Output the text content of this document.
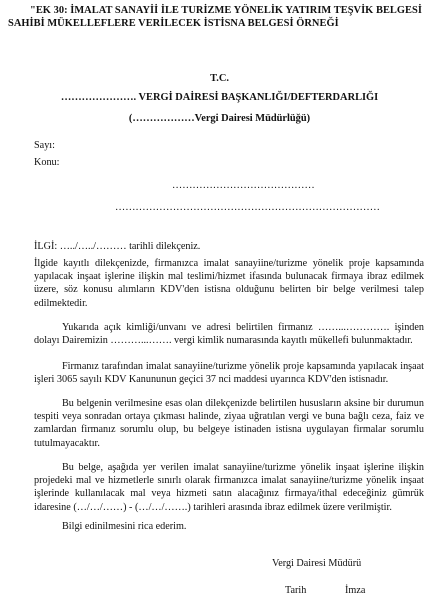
"EK 30: İMALAT SANAYİİ İLE TURİZME YÖNELİK YATIRIM TEŞVİK BELGESİ
SAHİBİ MÜKELLEFLERE VERİLECEK İSTİSNA BELGESİ ÖRNEĞİ
T.C.
…………………. VERGİ DAİRESİ BAŞKANLIĞI/DEFTERDARLIĞI
(………………Vergi Dairesi Müdürlüğü)
Sayı:
Konu:
……………………………………
……………………………………………………………………
İLGİ: …../…../……… tarihli dilekçeniz.
İlgide kayıtlı dilekçenizde, firmanızca imalat sanayiine/turizme yönelik proje kapsamında yapılacak inşaat işlerine ilişkin mal teslimi/hizmet ifasında bulunacak firmaya ibraz edilmek üzere, söz konusu alımların KDV'den istisna olduğunu belirten bir belge verilmesi talep edilmektedir.
Yukarıda açık kimliği/unvanı ve adresi belirtilen firmanız ……...…………. işinden dolayı Dairemizin ………...……. vergi kimlik numarasında kayıtlı mükellefi bulunmaktadır.
Firmanız tarafından imalat sanayiine/turizme yönelik proje kapsamında yapılacak inşaat işleri 3065 sayılı KDV Kanununun geçici 37 nci maddesi uyarınca KDV'den istisnadır.
Bu belgenin verilmesine esas olan dilekçenizde belirtilen hususların aksine bir durumun tespiti veya sonradan ortaya çıkması halinde, ziyaa uğratılan vergi ve buna bağlı ceza, faiz ve zamlardan firmanız sorumlu olup, bu belgeye istinaden istisna uygulayan firmalar sorumlu tutulmayacaktır.
Bu belge, aşağıda yer verilen imalat sanayiine/turizme yönelik inşaat işlerine ilişkin projedeki mal ve hizmetlerle sınırlı olarak firmanızca imalat sanayiine/turizme yönelik inşaat işlerinde kullanılacak mal veya hizmeti satın alacağınız firmaya/ithal edeceğiniz gümrük idaresine (…/…/……) - (…/…/…….) tarihleri arasında ibraz edilmek üzere verilmiştir.
Bilgi edinilmesini rica ederim.
Vergi Dairesi Müdürü
Tarih	İmza
